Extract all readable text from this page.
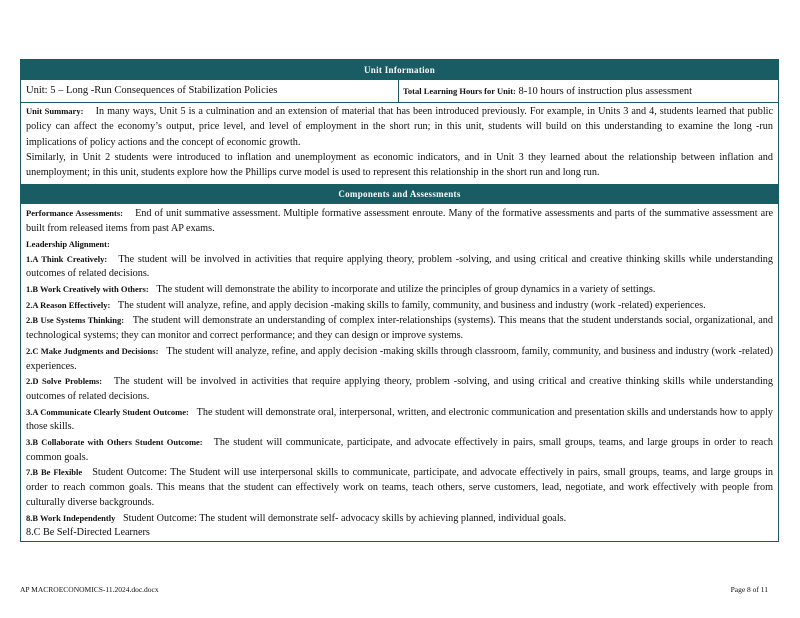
Unit Information
Unit: 5 – Long -Run Consequences of Stabilization Policies	Total Learning Hours for Unit: 8-10 hours of instruction plus assessment

Unit Summary: In many ways, Unit 5 is a culmination and an extension of material that has been introduced previously. For example, in Units 3 and 4, students learned that public policy can affect the economy’s output, price level, and level of employment in the short run; in this unit, students will build on this understanding to examine the long -run implications of policy actions and the concept of economic growth.

Similarly, in Unit 2 students were introduced to inflation and unemployment as economic indicators, and in Unit 3 they learned about the relationship between inflation and unemployment; in this unit, students explore how the Phillips curve model is used to represent this relationship in the short run and long run.

Components and Assessments

Performance Assessments: End of unit summative assessment. Multiple formative assessment enroute. Many of the formative assessments and parts of the summative assessment are built from released items from past AP exams.

Leadership Alignment:

1.A Think Creatively: The student will be involved in activities that require applying theory, problem -solving, and using critical and creative thinking skills while understanding outcomes of related decisions.

1.B Work Creatively with Others: The student will demonstrate the ability to incorporate and utilize the principles of group dynamics in a variety of settings.

2.A Reason Effectively: The student will analyze, refine, and apply decision -making skills to family, community, and business and industry (work -related) experiences.

2.B Use Systems Thinking: The student will demonstrate an understanding of complex inter-relationships (systems). This means that the student understands social, organizational, and technological systems; they can monitor and correct performance; and they can design or improve systems.

2.C Make Judgments and Decisions: The student will analyze, refine, and apply decision -making skills through classroom, family, community, and business and industry (work -related) experiences.

2.D Solve Problems: The student will be involved in activities that require applying theory, problem -solving, and using critical and creative thinking skills while understanding outcomes of related decisions.

3.A Communicate Clearly Student Outcome: The student will demonstrate oral, interpersonal, written, and electronic communication and presentation skills and understands how to apply those skills.

3.B Collaborate with Others Student Outcome: The student will communicate, participate, and advocate effectively in pairs, small groups, teams, and large groups in order to reach common goals.

7.B Be Flexible Student Outcome: The Student will use interpersonal skills to communicate, participate, and advocate effectively in pairs, small groups, teams, and large groups in order to reach common goals. This means that the student can effectively work on teams, teach others, serve customers, lead, negotiate, and work effectively with people from culturally diverse backgrounds.

8.B Work Independently Student Outcome: The student will demonstrate self- advocacy skills by achieving planned, individual goals.

8.C Be Self-Directed Learners

AP MACROECONOMICS-11.2024.doc.docx	Page 8 of 11
